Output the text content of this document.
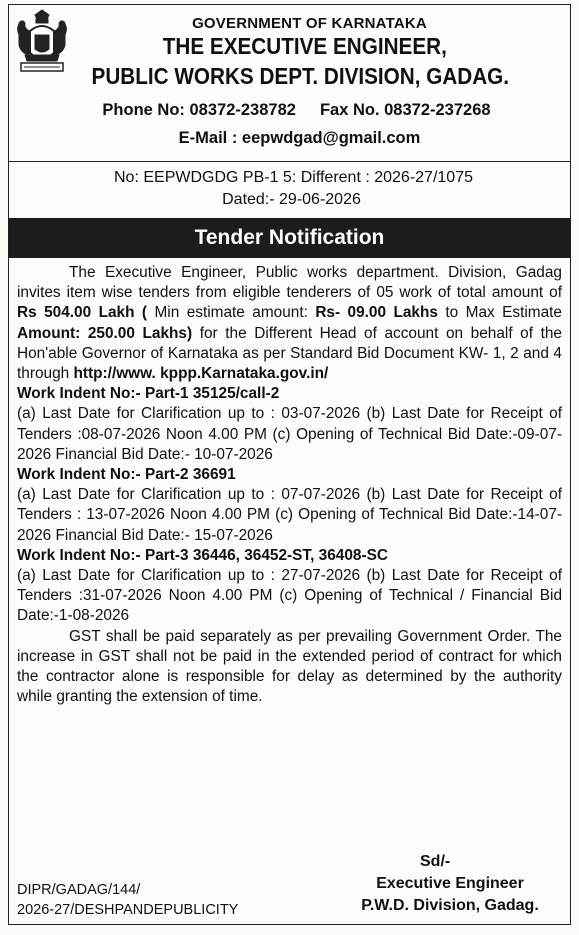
GOVERNMENT OF KARNATAKA
THE EXECUTIVE ENGINEER,
PUBLIC WORKS DEPT. DIVISION, GADAG.
Phone No: 08372-238782 Fax No. 08372-237268
E-Mail : eepwdgad@gmail.com
No: EEPWDGDG PB-1 5: Different : 2026-27/1075
Dated:- 29-06-2026
Tender Notification

The Executive Engineer, Public works department. Division, Gadag invites item wise tenders from eligible tenderers of 05 work of total amount of Rs 504.00 Lakh ( Min estimate amount: Rs- 09.00 Lakhs to Max Estimate Amount: 250.00 Lakhs) for the Different Head of account on behalf of the Hon'able Governor of Karnataka as per Standard Bid Document KW- 1, 2 and 4 through http://www. kppp.Karnataka.gov.in/

Work Indent No:- Part-1 35125/call-2

(a) Last Date for Clarification up to : 03-07-2026 (b) Last Date for Receipt of Tenders :08-07-2026 Noon 4.00 PM (c) Opening of Technical Bid Date:-09-07-2026 Financial Bid Date:- 10-07-2026

Work Indent No:- Part-2 36691

(a) Last Date for Clarification up to : 07-07-2026 (b) Last Date for Receipt of Tenders : 13-07-2026 Noon 4.00 PM (c) Opening of Technical Bid Date:-14-07-2026 Financial Bid Date:- 15-07-2026

Work Indent No:- Part-3 36446, 36452-ST, 36408-SC

(a) Last Date for Clarification up to : 27-07-2026 (b) Last Date for Receipt of Tenders :31-07-2026 Noon 4.00 PM (c) Opening of Technical / Financial Bid Date:-1-08-2026

GST shall be paid separately as per prevailing Government Order. The increase in GST shall not be paid in the extended period of contract for which the contractor alone is responsible for delay as determined by the authority while granting the extension of time.

Sd/-
Executive Engineer
P.W.D. Division, Gadag.
DIPR/GADAG/144/
2026-27/DESHPANDEPUBLICITY
